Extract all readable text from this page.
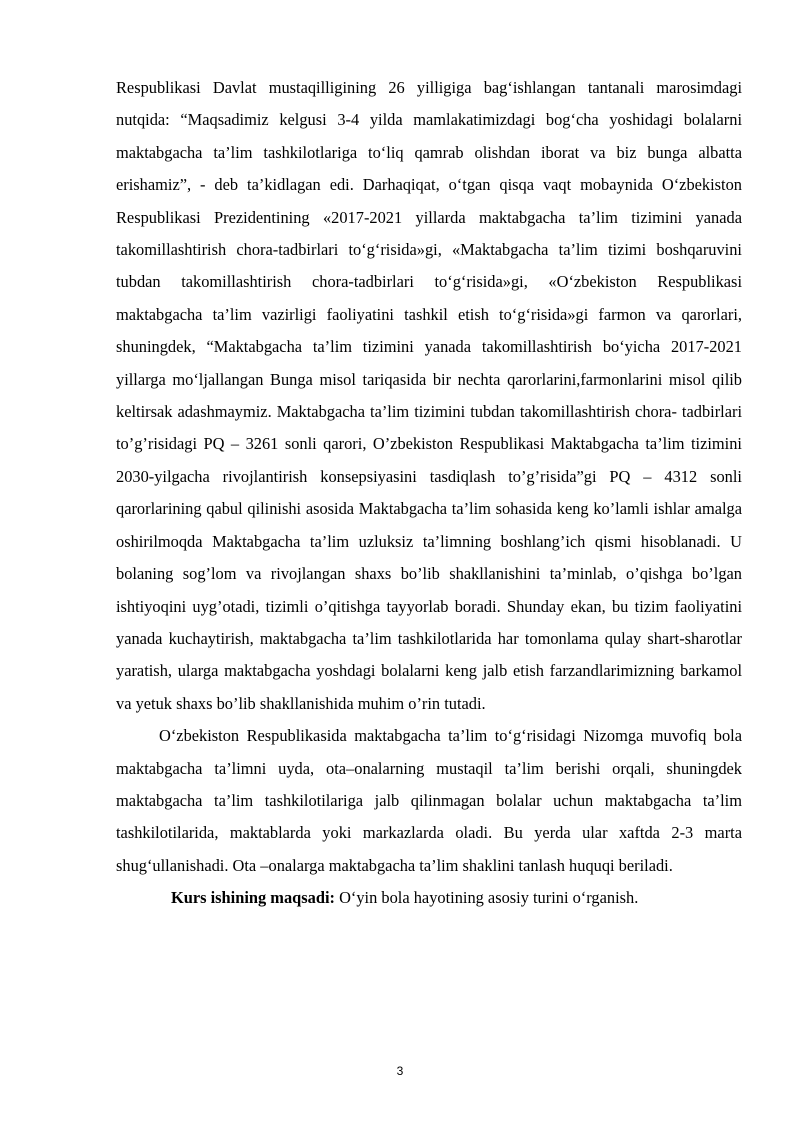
Respublikasi Davlat mustaqilligining 26 yilligiga bag‘ishlangan tantanali marosimdagi nutqida: “Maqsadimiz kelgusi 3-4 yilda mamlakatimizdagi bog‘cha yoshidagi bolalarni maktabgacha ta’lim tashkilotlariga to‘liq qamrab olishdan iborat va biz bunga albatta erishamiz”, - deb ta’kidlagan edi. Darhaqiqat, o‘tgan qisqa vaqt mobaynida O‘zbekiston Respublikasi Prezidentining «2017-2021 yillarda maktabgacha ta’lim tizimini yanada takomillashtirish chora-tadbirlari to‘g‘risida»gi, «Maktabgacha ta’lim tizimi boshqaruvini tubdan takomillashtirish chora-tadbirlari to‘g‘risida»gi, «O‘zbekiston Respublikasi maktabgacha ta’lim vazirligi faoliyatini tashkil etish to‘g‘risida»gi farmon va qarorlari, shuningdek, “Maktabgacha ta’lim tizimini yanada takomillashtirish bo‘yicha 2017-2021 yillarga mo‘ljallangan Bunga misol tariqasida bir nechta qarorlarini,farmonlarini misol qilib keltirsak adashmaymiz. Maktabgacha ta’lim tizimini tubdan takomillashtirish chora- tadbirlari to’g’risidagi PQ – 3261 sonli qarori, O’zbekiston Respublikasi Maktabgacha ta’lim tizimini 2030-yilgacha rivojlantirish konsepsiyasini tasdiqlash to’g’risida”gi PQ – 4312 sonli qarorlarining qabul qilinishi asosida Maktabgacha ta’lim sohasida keng ko’lamli ishlar amalga oshirilmoqda Maktabgacha ta’lim uzluksiz ta’limning boshlang’ich qismi hisoblanadi. U bolaning sog’lom va rivojlangan shaxs bo’lib shakllanishini ta’minlab, o’qishga bo’lgan ishtiyoqini uyg’otadi, tizimli o’qitishga tayyorlab boradi. Shunday ekan, bu tizim faoliyatini yanada kuchaytirish, maktabgacha ta’lim tashkilotlarida har tomonlama qulay shart-sharotlar yaratish, ularga maktabgacha yoshdagi bolalarni keng jalb etish farzandlarimizning barkamol va yetuk shaxs bo’lib shakllanishida muhim o’rin tutadi.

O‘zbekiston Respublikasida maktabgacha ta’lim to‘g‘risidagi Nizomga muvofiq bola maktabgacha ta’limni uyda, ota–onalarning mustaqil ta’lim berishi orqali, shuningdek maktabgacha ta’lim tashkilotilariga jalb qilinmagan bolalar uchun maktabgacha ta’lim tashkilotilarida, maktablarda yoki markazlarda oladi. Bu yerda ular xaftda 2-3 marta shug‘ullanishadi. Ota –onalarga maktabgacha ta’lim shaklini tanlash huquqi beriladi.

Kurs ishining maqsadi: O‘yin bola hayotining asosiy turini o‘rganish.

3
